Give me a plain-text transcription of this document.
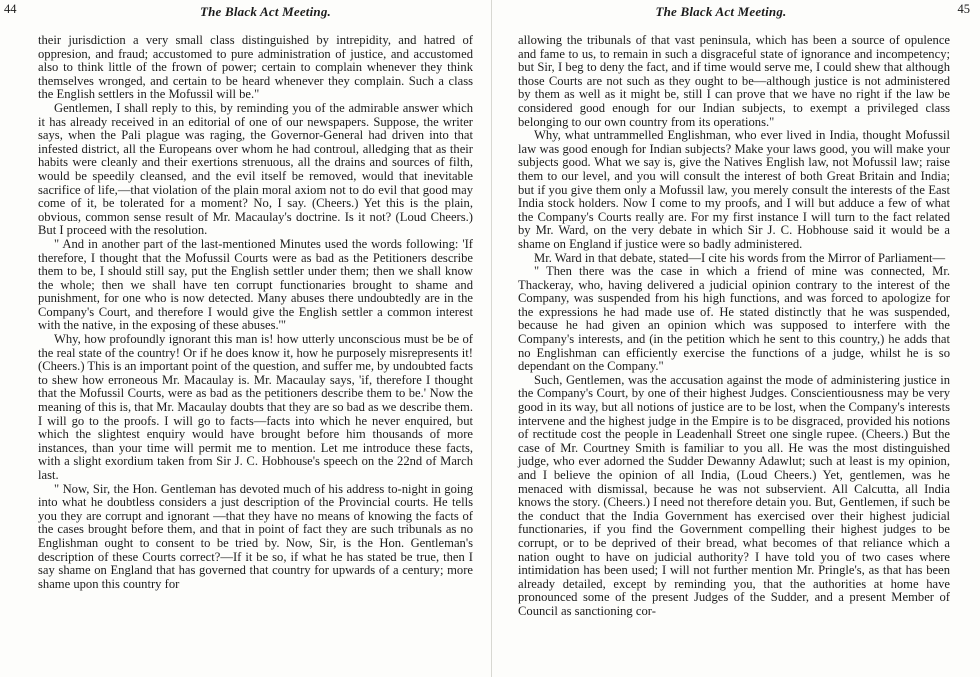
44	The Black Act Meeting.

their jurisdiction a very small class distinguished by intrepidity, and hatred of oppresion, and fraud; accustomed to pure administration of justice, and accustomed also to think little of the frown of power; certain to complain whenever they think themselves wronged, and certain to be heard whenever they complain. Such a class the English settlers in the Mofussil will be."

Gentlemen, I shall reply to this, by reminding you of the admirable answer which it has already received in an editorial of one of our newspapers. Suppose, the writer says, when the Pali plague was raging, the Governor-General had driven into that infested district, all the Europeans over whom he had controul, alledging that as their habits were cleanly and their exertions strenuous, all the drains and sources of filth, would be speedily cleansed, and the evil itself be removed, would that inevitable sacrifice of life,—that violation of the plain moral axiom not to do evil that good may come of it, be tolerated for a moment? No, I say. (Cheers.) Yet this is the plain, obvious, common sense result of Mr. Macaulay's doctrine. Is it not? (Loud Cheers.) But I proceed with the resolution.

" And in another part of the last-mentioned Minutes used the words following: 'If therefore, I thought that the Mofussil Courts were as bad as the Petitioners describe them to be, I should still say, put the English settler under them; then we shall know the whole; then we shall have ten corrupt functionaries brought to shame and punishment, for one who is now detected. Many abuses there undoubtedly are in the Company's Court, and therefore I would give the English settler a common interest with the native, in the exposing of these abuses.'"

Why, how profoundly ignorant this man is! how utterly unconscious must be be of the real state of the country! Or if he does know it, how he purposely misrepresents it! (Cheers.) This is an important point of the question, and suffer me, by undoubted facts to shew how erroneous Mr. Macaulay is. Mr. Macaulay says, 'if, therefore I thought that the Mofussil Courts, were as bad as the petitioners describe them to be.' Now the meaning of this is, that Mr. Macaulay doubts that they are so bad as we describe them. I will go to the proofs. I will go to facts—facts into which he never enquired, but which the slightest enquiry would have brought before him thousands of more instances, than your time will permit me to mention. Let me introduce these facts, with a slight exordium taken from Sir J. C. Hobhouse's speech on the 22nd of March last.

" Now, Sir, the Hon. Gentleman has devoted much of his address to-night in going into what he doubtless considers a just description of the Provincial courts. He tells you they are corrupt and ignorant —that they have no means of knowing the facts of the cases brought before them, and that in point of fact they are such tribunals as no Englishman ought to consent to be tried by. Now, Sir, is the Hon. Gentleman's description of these Courts correct?—If it be so, if what he has stated be true, then I say shame on England that has governed that country for upwards of a century; more shame upon this country for

The Black Act Meeting.	45

allowing the tribunals of that vast peninsula, which has been a source of opulence and fame to us, to remain in such a disgraceful state of ignorance and incompetency; but Sir, I beg to deny the fact, and if time would serve me, I could shew that although those Courts are not such as they ought to be—although justice is not administered by them as well as it might be, still I can prove that we have no right if the law be considered good enough for our Indian subjects, to exempt a privileged class belonging to our own country from its operations."

Why, what untrammelled Englishman, who ever lived in India, thought Mofussil law was good enough for Indian subjects? Make your laws good, you will make your subjects good. What we say is, give the Natives English law, not Mofussil law; raise them to our level, and you will consult the interest of both Great Britain and India; but if you give them only a Mofussil law, you merely consult the interests of the East India stock holders. Now I come to my proofs, and I will but adduce a few of what the Company's Courts really are. For my first instance I will turn to the fact related by Mr. Ward, on the very debate in which Sir J. C. Hobhouse said it would be a shame on England if justice were so badly administered.

Mr. Ward in that debate, stated—I cite his words from the Mirror of Parliament—

" Then there was the case in which a friend of mine was connected, Mr. Thackeray, who, having delivered a judicial opinion contrary to the interest of the Company, was suspended from his high functions, and was forced to apologize for the expressions he had made use of. He stated distinctly that he was suspended, because he had given an opinion which was supposed to interfere with the Company's interests, and (in the petition which he sent to this country,) he adds that no Englishman can efficiently exercise the functions of a judge, whilst he is so dependant on the Company."

Such, Gentlemen, was the accusation against the mode of administering justice in the Company's Court, by one of their highest Judges. Conscientiousness may be very good in its way, but all notions of justice are to be lost, when the Company's interests intervene and the highest judge in the Empire is to be disgraced, provided his notions of rectitude cost the people in Leadenhall Street one single rupee. (Cheers.) But the case of Mr. Courtney Smith is familiar to you all. He was the most distinguished judge, who ever adorned the Sudder Dewanny Adawlut; such at least is my opinion, and I believe the opinion of all India, (Loud Cheers.) Yet, gentlemen, was he menaced with dismissal, because he was not subservient. All Calcutta, all India knows the story. (Cheers.) I need not therefore detain you. But, Gentlemen, if such be the conduct that the India Government has exercised over their highest judicial functionaries, if you find the Government compelling their highest judges to be corrupt, or to be deprived of their bread, what becomes of that reliance which a nation ought to have on judicial authority? I have told you of two cases where intimidation has been used; I will not further mention Mr. Pringle's, as that has been already detailed, except by reminding you, that the authorities at home have pronounced some of the present Judges of the Sudder, and a present Member of Council as sanctioning cor-
